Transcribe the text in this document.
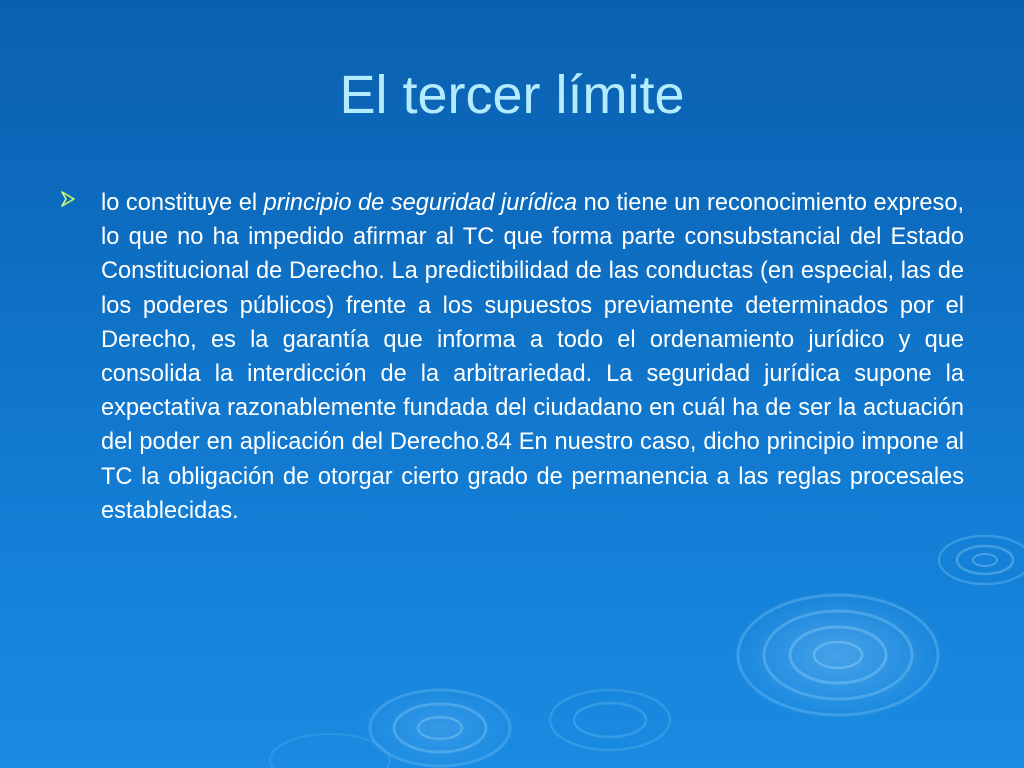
El tercer límite

lo constituye el principio de seguridad jurídica no tiene un reconocimiento expreso, lo que no ha impedido afirmar al TC que forma parte consubstancial del Estado Constitucional de Derecho. La predictibilidad de las conductas (en especial, las de los poderes públicos) frente a los supuestos previamente determinados por el Derecho, es la garantía que informa a todo el ordenamiento jurídico y que consolida la interdicción de la arbitrariedad. La seguridad jurídica supone la expectativa razonablemente fundada del ciudadano en cuál ha de ser la actuación del poder en aplicación del Derecho.84 En nuestro caso, dicho principio impone al TC la obligación de otorgar cierto grado de permanencia a las reglas procesales establecidas.
